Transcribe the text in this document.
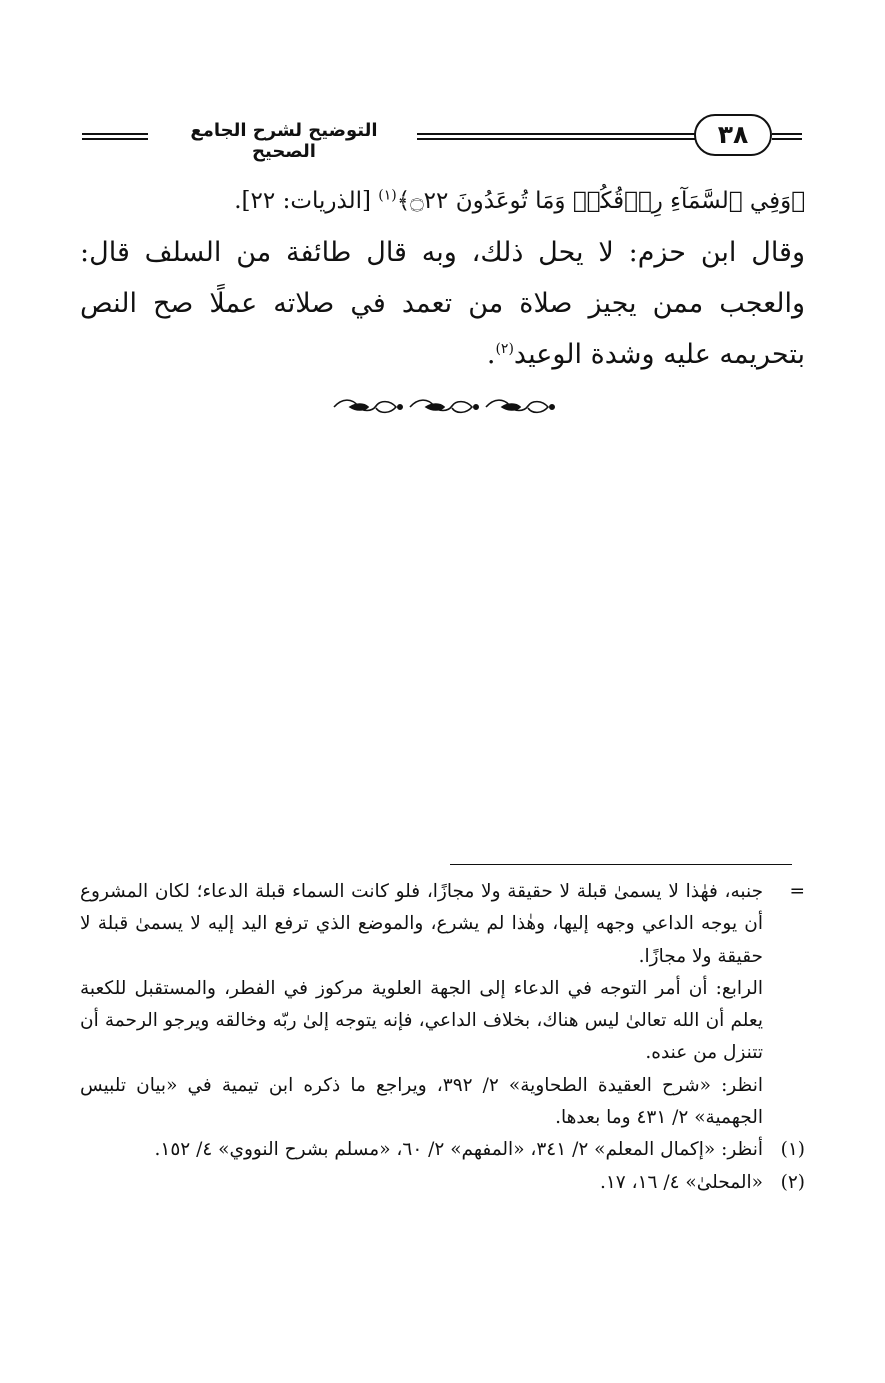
التوضيح لشرح الجامع الصحيح
٣٨

﴿وَفِي ٱلسَّمَآءِ رِزۡقُكُمۡ وَمَا تُوعَدُونَ ۝٢٢﴾$^{(١)}$ [الذريات: ٢٢].

وقال ابن حزم: لا يحل ذلك، وبه قال طائفة من السلف قال: والعجب ممن يجيز صلاة من تعمد في صلاته عملًا صح النص بتحريمه عليه وشدة الوعيد$^{(٢)}$.

=

جنبه، فهٰذا لا يسمىٰ قبلة لا حقيقة ولا مجازًا، فلو كانت السماء قبلة الدعاء؛ لكان المشروع أن يوجه الداعي وجهه إليها، وهٰذا لم يشرع، والموضع الذي ترفع اليد إليه لا يسمىٰ قبلة لا حقيقة ولا مجازًا.

الرابع: أن أمر التوجه في الدعاء إلى الجهة العلوية مركوز في الفطر، والمستقبل للكعبة يعلم أن الله تعالىٰ ليس هناك، بخلاف الداعي، فإنه يتوجه إلىٰ ربّه وخالقه ويرجو الرحمة أن تتنزل من عنده.

انظر: «شرح العقيدة الطحاوية» ٢/ ٣٩٢، ويراجع ما ذكره ابن تيمية في «بيان تلبيس الجهمية» ٢/ ٤٣١ وما بعدها.

(١)

أنظر: «إكمال المعلم» ٢/ ٣٤١، «المفهم» ٢/ ٦٠، «مسلم بشرح النووي» ٤/ ١٥٢.

(٢)

«المحلىٰ» ٤/ ١٦، ١٧.
